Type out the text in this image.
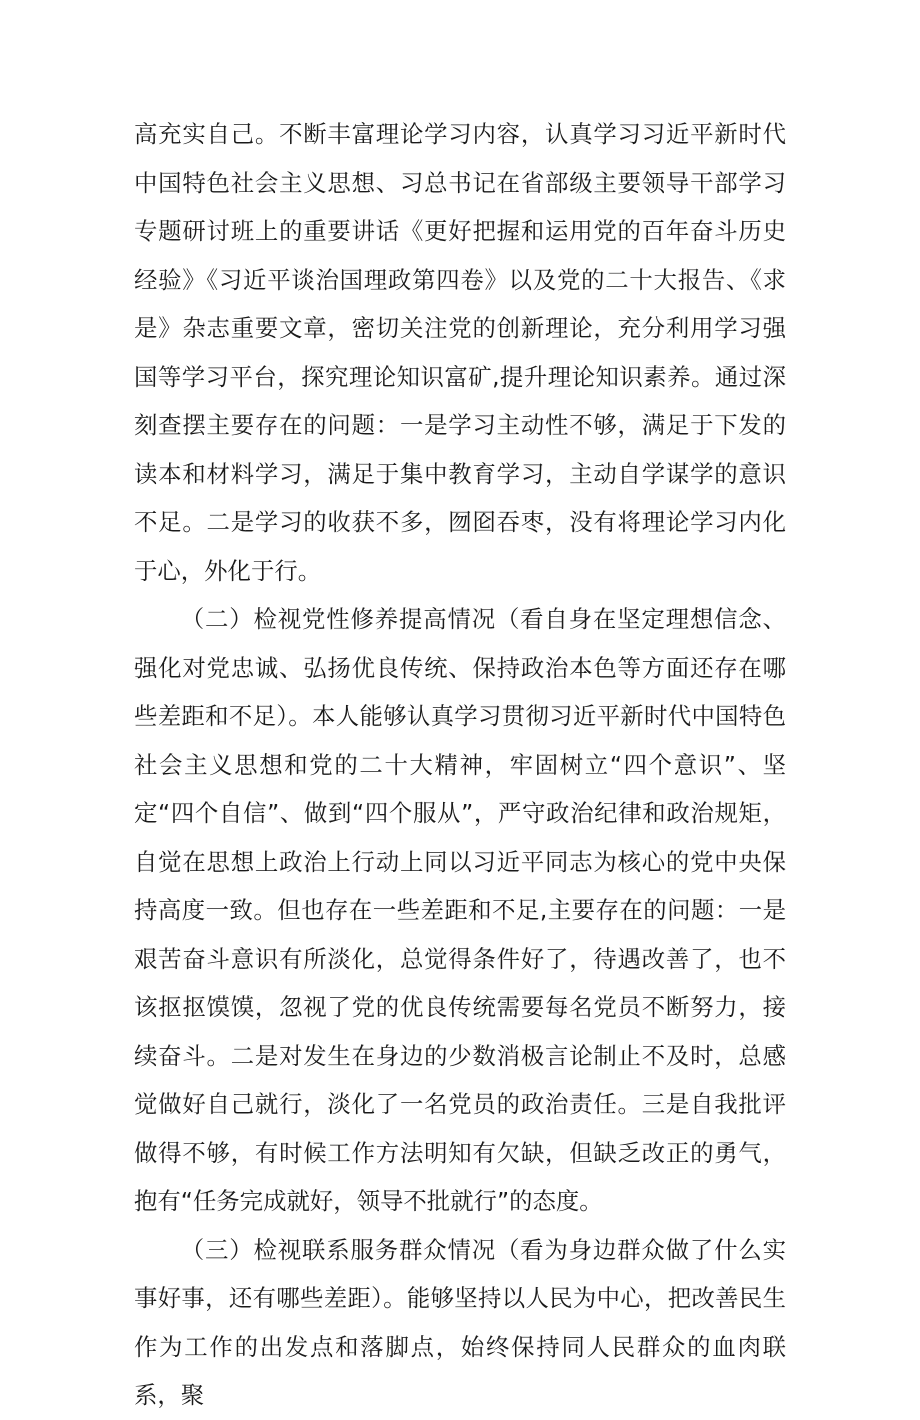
高充实自己。不断丰富理论学习内容，认真学习习近平新时代中国特色社会主义思想、习总书记在省部级主要领导干部学习专题研讨班上的重要讲话《更好把握和运用党的百年奋斗历史经验》《习近平谈治国理政第四卷》以及党的二十大报告、《求是》杂志重要文章，密切关注党的创新理论，充分利用学习强国等学习平台，探究理论知识富矿,提升理论知识素养。通过深刻查摆主要存在的问题：一是学习主动性不够，满足于下发的读本和材料学习，满足于集中教育学习，主动自学谋学的意识不足。二是学习的收获不多，囫囵吞枣，没有将理论学习内化于心，外化于行。

（二）检视党性修养提高情况（看自身在坚定理想信念、强化对党忠诚、弘扬优良传统、保持政治本色等方面还存在哪些差距和不足）。本人能够认真学习贯彻习近平新时代中国特色社会主义思想和党的二十大精神，牢固树立“四个意识”、坚定“四个自信”、做到“四个服从”，严守政治纪律和政治规矩，自觉在思想上政治上行动上同以习近平同志为核心的党中央保持高度一致。但也存在一些差距和不足,主要存在的问题：一是艰苦奋斗意识有所淡化，总觉得条件好了，待遇改善了，也不该抠抠馍馍，忽视了党的优良传统需要每名党员不断努力，接续奋斗。二是对发生在身边的少数消极言论制止不及时，总感觉做好自己就行，淡化了一名党员的政治责任。三是自我批评做得不够，有时候工作方法明知有欠缺，但缺乏改正的勇气，抱有“任务完成就好，领导不批就行”的态度。

（三）检视联系服务群众情况（看为身边群众做了什么实事好事，还有哪些差距）。能够坚持以人民为中心，把改善民生作为工作的出发点和落脚点，始终保持同人民群众的血肉联系，聚
